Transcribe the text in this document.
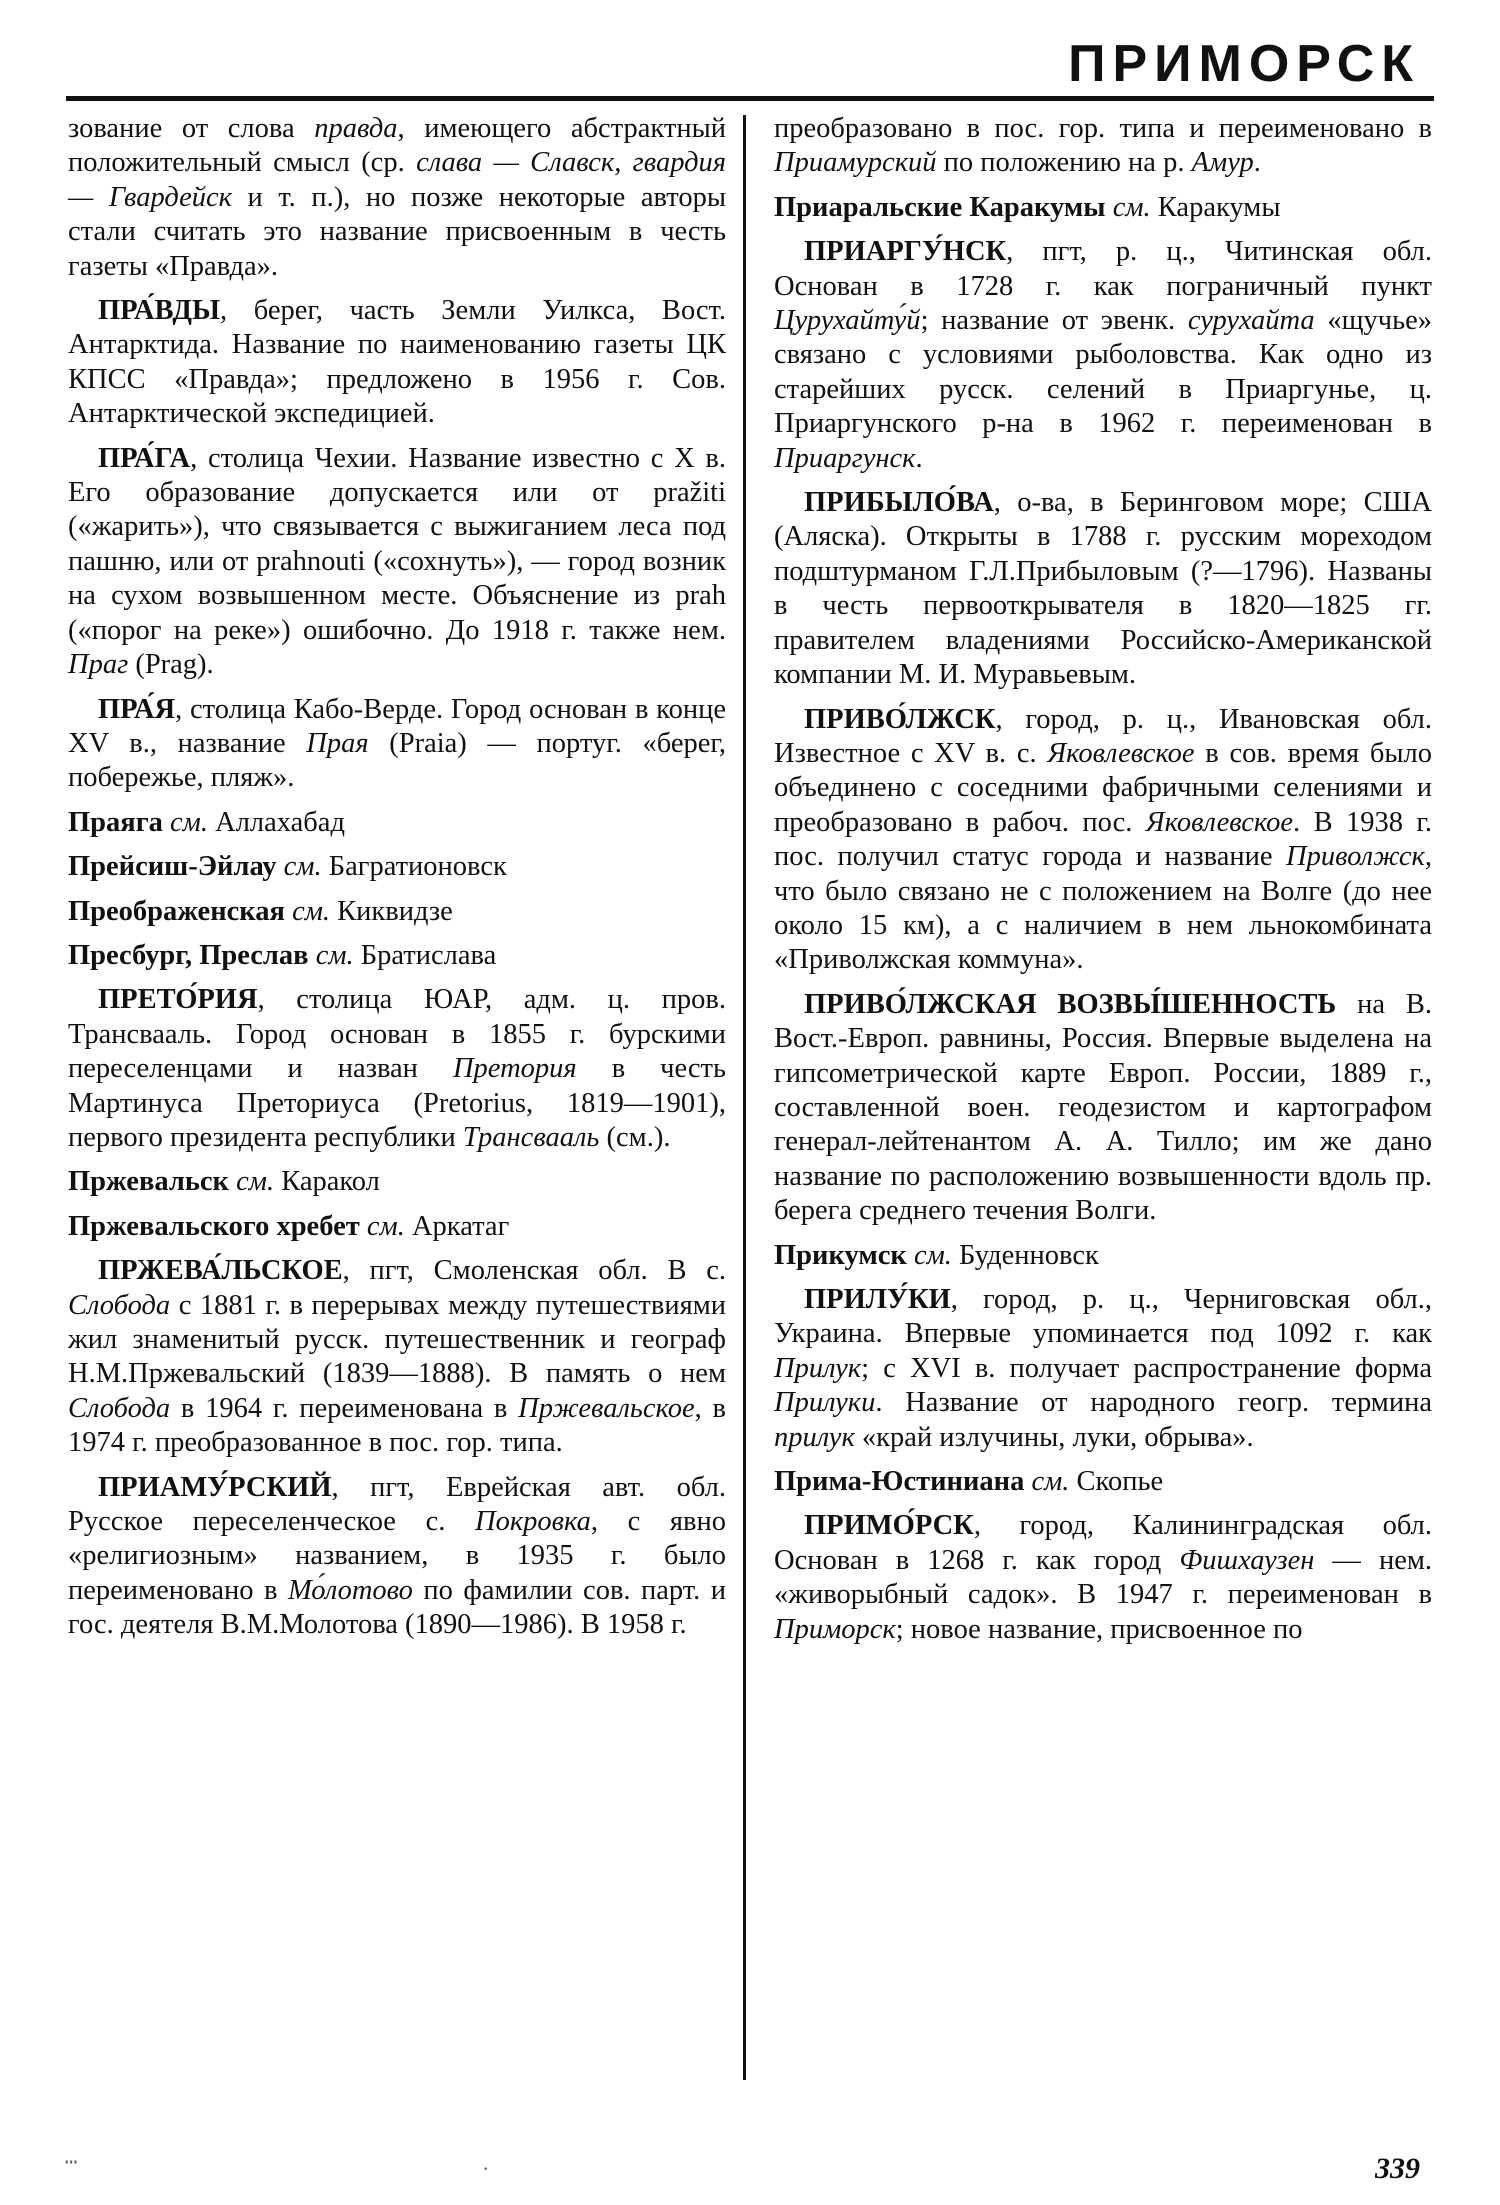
ПРИМОРСК

зование от слова правда, имеющего абстрактный положительный смысл (ср. слава — Славск, гвардия — Гвардейск и т. п.), но позже некоторые авторы стали считать это название присвоенным в честь газеты «Правда».

ПРА́ВДЫ, берег, часть Земли Уилкса, Вост. Антарктида. Название по наименованию газеты ЦК КПСС «Правда»; предложено в 1956 г. Сов. Антарктической экспедицией.

ПРА́ГА, столица Чехии. Название известно с X в. Его образование допускается или от pražiti («жарить»), что связывается с выжиганием леса под пашню, или от prahnouti («сохнуть»), — город возник на сухом возвышенном месте. Объяснение из prah («порог на реке») ошибочно. До 1918 г. также нем. Праг (Prag).

ПРА́Я, столица Кабо-Верде. Город основан в конце XV в., название Прая (Praia) — португ. «берег, побережье, пляж».

Праяга см. Аллахабад

Прейсиш-Эйлау см. Багратионовск

Преображенская см. Киквидзе

Пресбург, Преслав см. Братислава

ПРЕТО́РИЯ, столица ЮАР, адм. ц. пров. Трансвааль. Город основан в 1855 г. бурскими переселенцами и назван Претория в честь Мартинуса Преториуса (Pretorius, 1819—1901), первого президента республики Трансвааль (см.).

Пржевальск см. Каракол

Пржевальского хребет см. Аркатаг

ПРЖЕВА́ЛЬСКОЕ, пгт, Смоленская обл. В с. Слобода с 1881 г. в перерывах между путешествиями жил знаменитый русск. путешественник и географ Н.М.Пржевальский (1839—1888). В память о нем Слобода в 1964 г. переименована в Пржевальское, в 1974 г. преобразованное в пос. гор. типа.

ПРИАМУ́РСКИЙ, пгт, Еврейская авт. обл. Русское переселенческое с. Покровка, с явно «религиозным» названием, в 1935 г. было переименовано в Мо́лотово по фамилии сов. парт. и гос. деятеля В.М.Молотова (1890—1986). В 1958 г.

преобразовано в пос. гор. типа и переименовано в Приамурский по положению на р. Амур.

Приаральские Каракумы см. Каракумы

ПРИАРГУ́НСК, пгт, р. ц., Читинская обл. Основан в 1728 г. как пограничный пункт Цурухайту́й; название от эвенк. сурухайта «щучье» связано с условиями рыболовства. Как одно из старейших русск. селений в Приаргунье, ц. Приаргунского р-на в 1962 г. переименован в Приаргунск.

ПРИБЫЛО́ВА, о-ва, в Беринговом море; США (Аляска). Открыты в 1788 г. русским мореходом подштурманом Г.Л.Прибыловым (?—1796). Названы в честь первооткрывателя в 1820—1825 гг. правителем владениями Российско-Американской компании М. И. Муравьевым.

ПРИВО́ЛЖСК, город, р. ц., Ивановская обл. Известное с XV в. с. Яковлевское в сов. время было объединено с соседними фабричными селениями и преобразовано в рабоч. пос. Яковлевское. В 1938 г. пос. получил статус города и название Приволжск, что было связано не с положением на Волге (до нее около 15 км), а с наличием в нем льнокомбината «Приволжская коммуна».

ПРИВО́ЛЖСКАЯ ВОЗВЫ́ШЕННОСТЬ на В. Вост.-Европ. равнины, Россия. Впервые выделена на гипсометрической карте Европ. России, 1889 г., составленной воен. геодезистом и картографом генерал-лейтенантом А. А. Тилло; им же дано название по расположению возвышенности вдоль пр. берега среднего течения Волги.

Прикумск см. Буденновск

ПРИЛУ́КИ, город, р. ц., Черниговская обл., Украина. Впервые упоминается под 1092 г. как Прилук; с XVI в. получает распространение форма Прилуки. Название от народного геогр. термина прилук «край излучины, луки, обрыва».

Прима-Юстиниана см. Скопье

ПРИМО́РСК, город, Калининградская обл. Основан в 1268 г. как город Фишхаузен — нем. «живорыбный садок». В 1947 г. переименован в Приморск; новое название, присвоенное по

ⵈ	·	339
